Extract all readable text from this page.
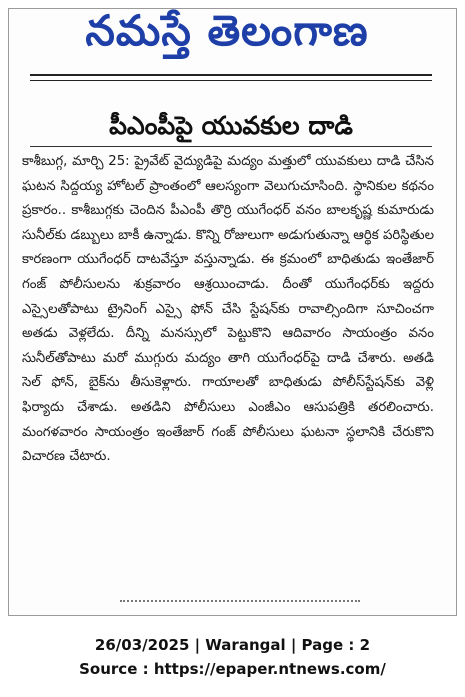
నమస్తే తెలంగాణ
పీఎంపీపై యువకుల దాడి
కాశీబుగ్గ, మార్చి 25: ప్రైవేట్ వైద్యుడిపై మద్యం మత్తులో యువకులు దాడి చేసిన ఘటన సిద్దయ్య హోటల్ ప్రాంతంలో ఆలస్యంగా వెలుగుచూసింది. స్థానికుల కథనం ప్రకారం.. కాశీబుగ్గకు చెందిన పీఎంపీ తొర్రి యుగేంధర్ వనం బాలకృష్ణ కుమారుడు సునీల్‌కు డబ్బులు బాకీ ఉన్నాడు. కొన్ని రోజులుగా అడుగుతున్నా ఆర్థిక పరిస్థితుల కారణంగా యుగేంధర్ దాటవేస్తూ వస్తున్నాడు. ఈ క్రమంలో బాధితుడు ఇంతేజార్ గంజ్ పోలీసులను శుక్రవారం ఆశ్రయించాడు. దీంతో యుగేంధర్‌కు ఇద్దరు ఎస్సైలతోపాటు ట్రైనింగ్ ఎస్సై ఫోన్ చేసి స్టేషన్‌కు రావాల్సిందిగా సూచించగా అతడు వెళ్లలేదు. దీన్ని మనస్సులో పెట్టుకొని ఆదివారం సాయంత్రం వనం సునీల్‌తోపాటు మరో ముగ్గురు మద్యం తాగి యుగేంధర్‌పై దాడి చేశారు. అతడి సెల్ ఫోన్, బైక్‌ను తీసుకెళ్లారు. గాయాలతో బాధితుడు పోలీస్‌స్టేషన్‌కు వెళ్లి ఫిర్యాదు చేశాడు. అతడిని పోలీసులు ఎంజీఎం ఆసుపత్రికి తరలించారు. మంగళవారం సాయంత్రం ఇంతేజార్ గంజ్ పోలీసులు ఘటనా స్థలానికి చేరుకొని విచారణ చేటారు.
26/03/2025 | Warangal | Page : 2
Source : https://epaper.ntnews.com/
